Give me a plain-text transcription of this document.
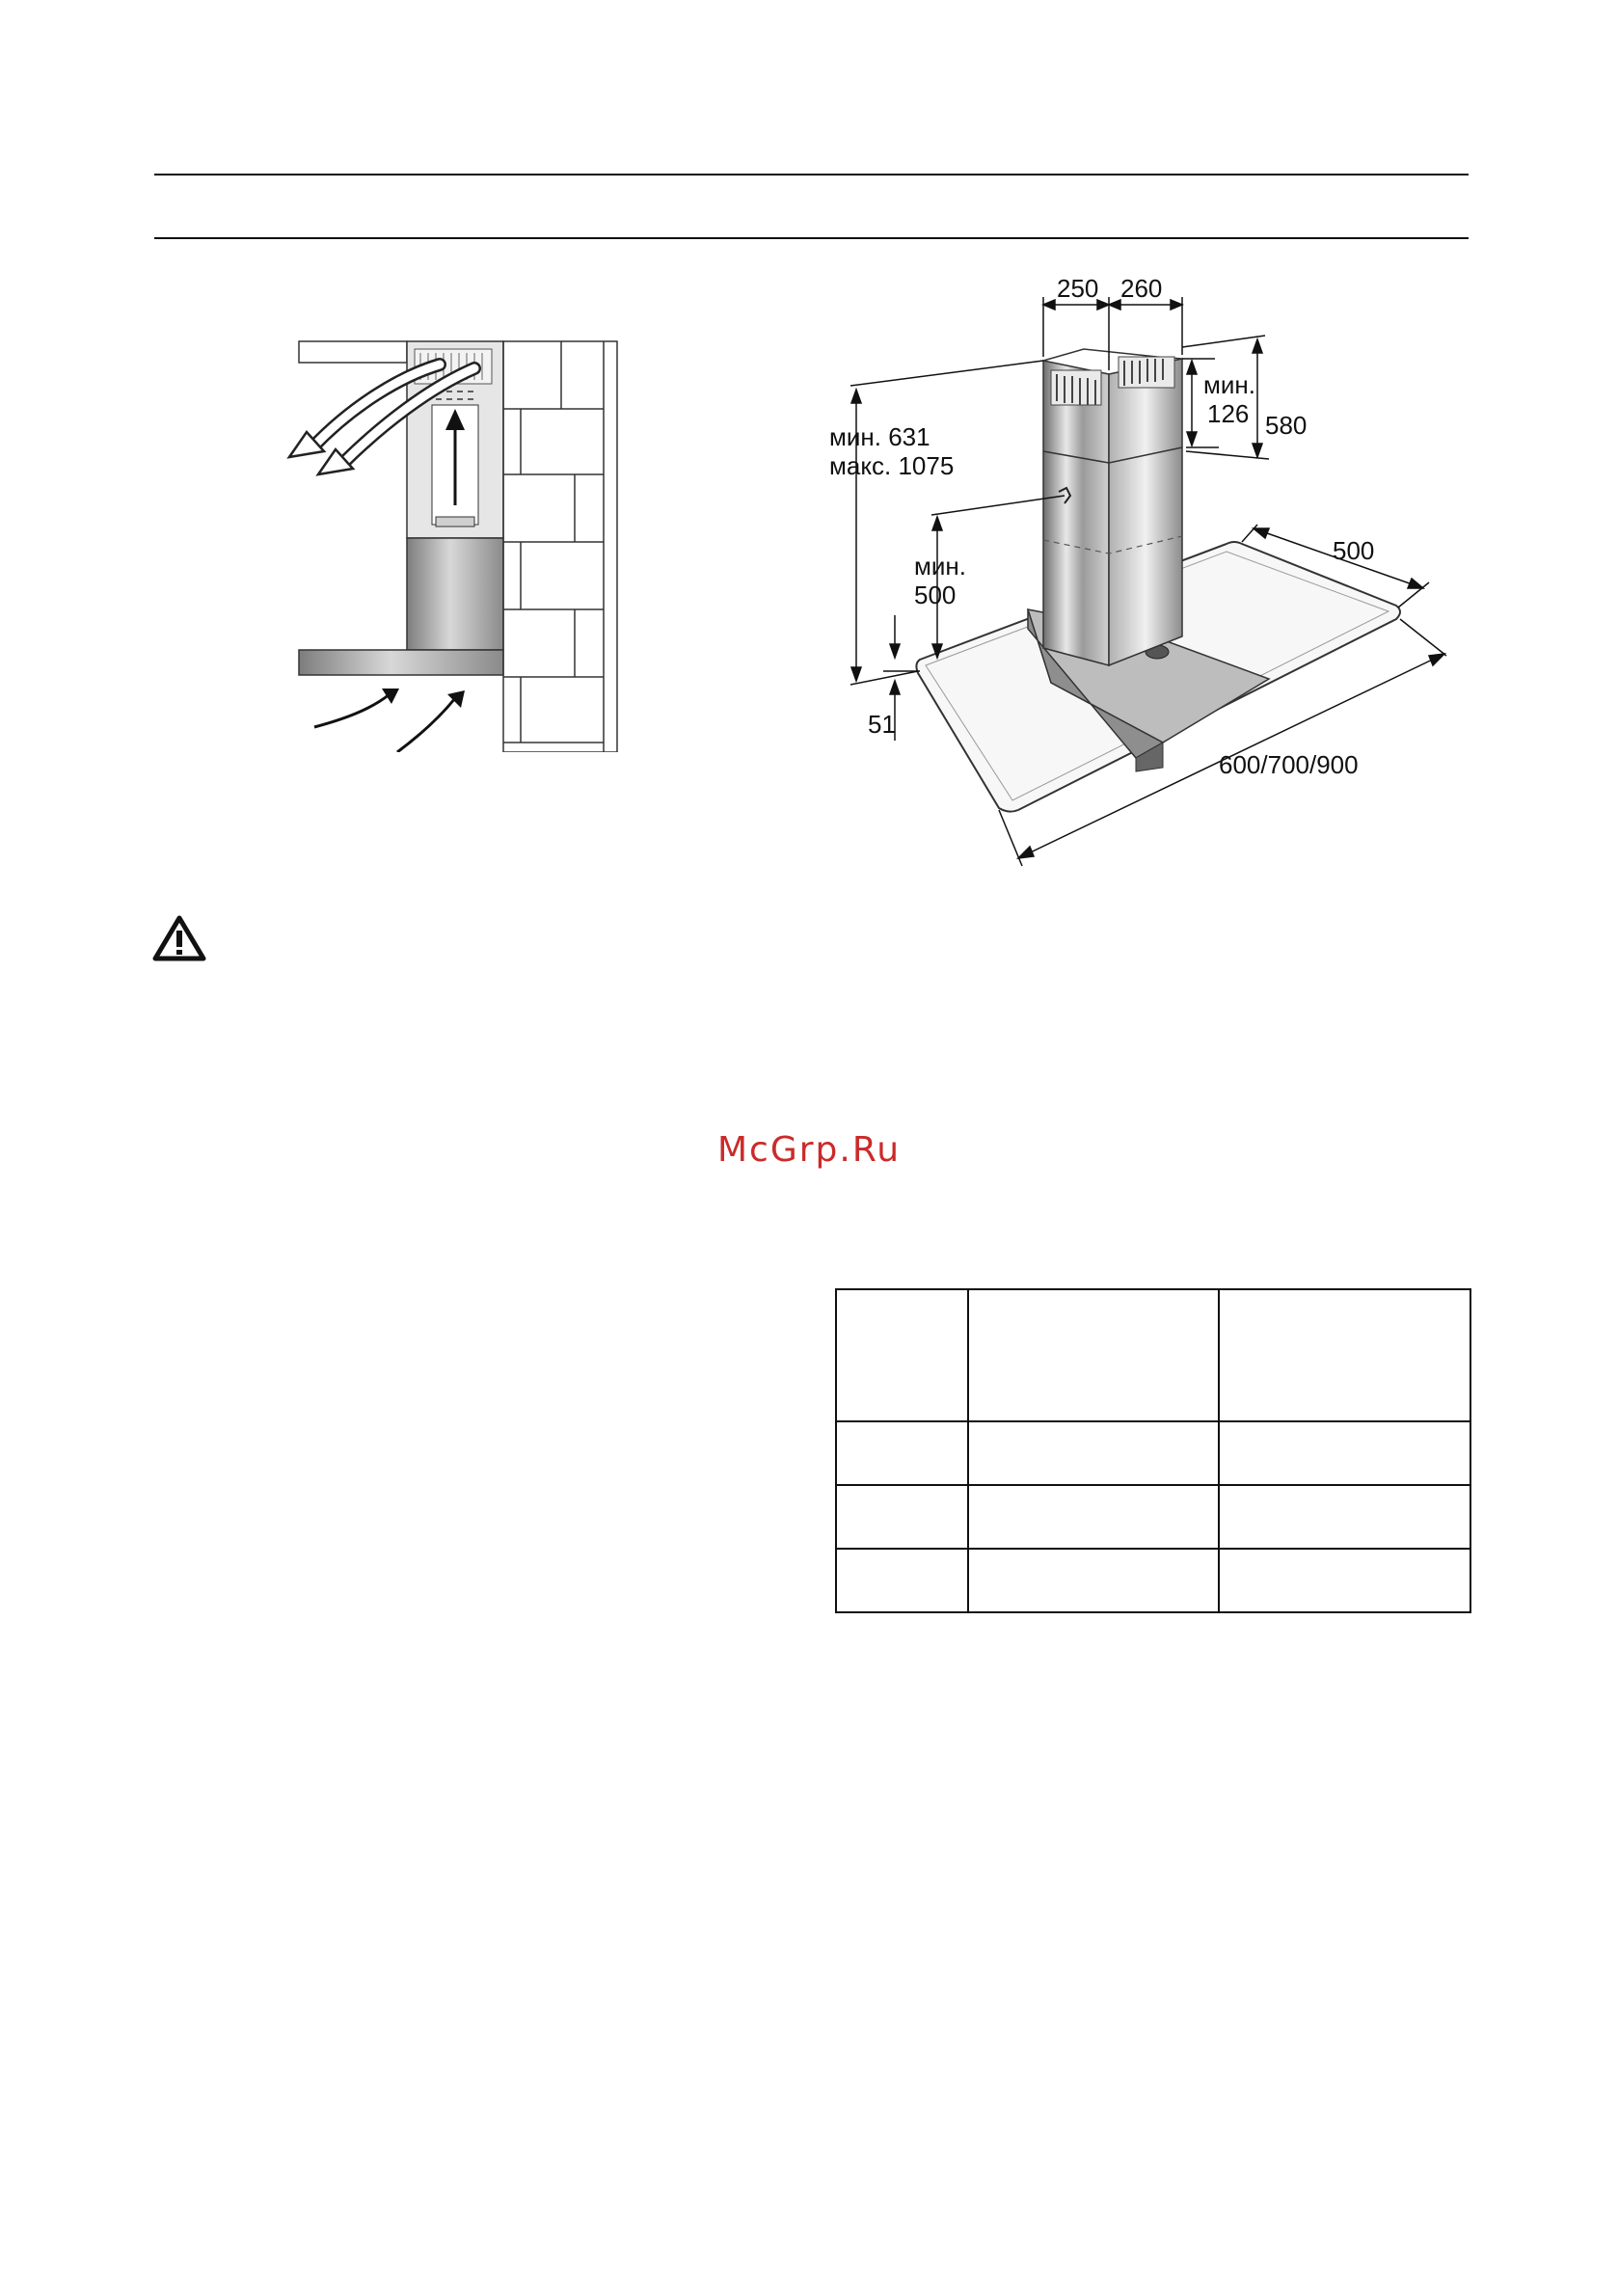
250 260
мин. 631
макс. 1075
мин.
126 580
мин.
500
500
51
600/700/900
McGrp.Ru
